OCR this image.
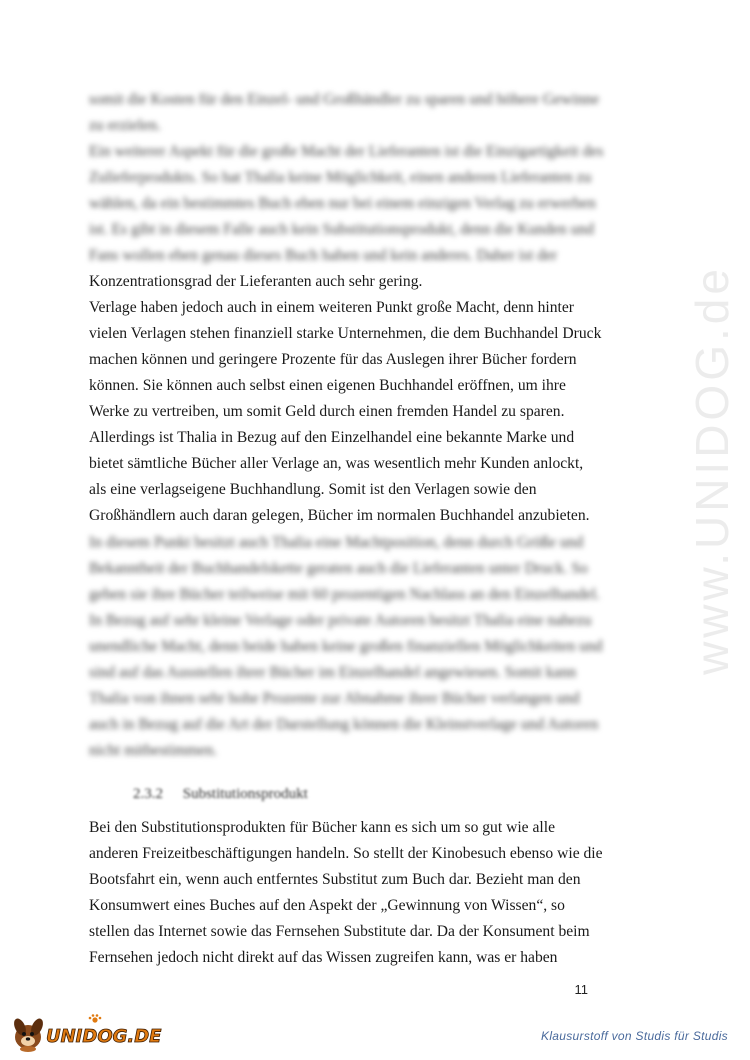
www.UNIDOG.de
somit die Kosten für den Einzel- und Großhändler zu sparen und höhere Gewinne
zu erzielen.
Ein weiterer Aspekt für die große Macht der Lieferanten ist die Einzigartigkeit des
Zulieferprodukts. So hat Thalia keine Möglichkeit, einen anderen Lieferanten zu
wählen, da ein bestimmtes Buch eben nur bei einem einzigen Verlag zu erwerben
ist. Es gibt in diesem Falle auch kein Substitutionsprodukt, denn die Kunden und
Fans wollen eben genau dieses Buch haben und kein anderes. Daher ist der
Konzentrationsgrad der Lieferanten auch sehr gering.
Verlage haben jedoch auch in einem weiteren Punkt große Macht, denn hinter
vielen Verlagen stehen finanziell starke Unternehmen, die dem Buchhandel Druck
machen können und geringere Prozente für das Auslegen ihrer Bücher fordern
können. Sie können auch selbst einen eigenen Buchhandel eröffnen, um ihre
Werke zu vertreiben, um somit Geld durch einen fremden Handel zu sparen.
Allerdings ist Thalia in Bezug auf den Einzelhandel eine bekannte Marke und
bietet sämtliche Bücher aller Verlage an, was wesentlich mehr Kunden anlockt,
als eine verlagseigene Buchhandlung. Somit ist den Verlagen sowie den
Großhändlern auch daran gelegen, Bücher im normalen Buchhandel anzubieten.
In diesem Punkt besitzt auch Thalia eine Machtposition, denn durch Größe und
Bekanntheit der Buchhandelskette geraten auch die Lieferanten unter Druck. So
geben sie ihre Bücher teilweise mit 60 prozentigen Nachlass an den Einzelhandel.
In Bezug auf sehr kleine Verlage oder private Autoren besitzt Thalia eine nahezu
unendliche Macht, denn beide haben keine großen finanziellen Möglichkeiten und
sind auf das Ausstellen ihrer Bücher im Einzelhandel angewiesen. Somit kann
Thalia von ihnen sehr hohe Prozente zur Abnahme ihrer Bücher verlangen und
auch in Bezug auf die Art der Darstellung können die Kleinstverlage und Autoren
nicht mitbestimmen.
2.3.2 Substitutionsprodukt
Bei den Substitutionsprodukten für Bücher kann es sich um so gut wie alle
anderen Freizeitbeschäftigungen handeln. So stellt der Kinobesuch ebenso wie die
Bootsfahrt ein, wenn auch entferntes Substitut zum Buch dar. Bezieht man den
Konsumwert eines Buches auf den Aspekt der „Gewinnung von Wissen“, so
stellen das Internet sowie das Fernsehen Substitute dar. Da der Konsument beim
Fernsehen jedoch nicht direkt auf das Wissen zugreifen kann, was er haben
11
UNIDOG.DE	Klausurstoff von Studis für Studis
